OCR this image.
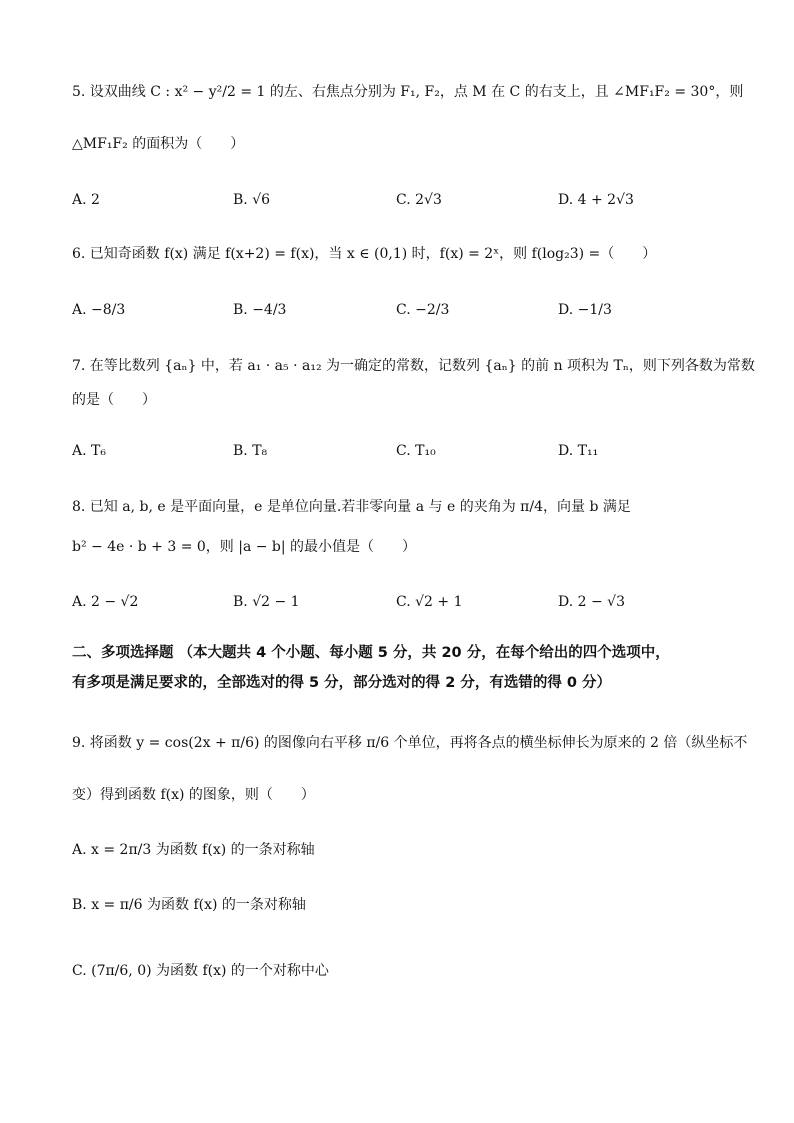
5. 设双曲线 C : x² − y²/2 = 1 的左、右焦点分别为 F₁, F₂，点 M 在 C 的右支上，且 ∠MF₁F₂ = 30°，则
△MF₁F₂ 的面积为（　　）
A. 2	B. √6	C. 2√3	D. 4 + 2√3
6. 已知奇函数 f(x) 满足 f(x+2) = f(x)，当 x ∈ (0,1) 时，f(x) = 2ˣ，则 f(log₂3) =（　　）
A. −8/3	B. −4/3	C. −2/3	D. −1/3
7. 在等比数列 {aₙ} 中，若 a₁ · a₅ · a₁₂ 为一确定的常数，记数列 {aₙ} 的前 n 项积为 Tₙ，则下列各数为常数
的是（　　）
A. T₆	B. T₈	C. T₁₀	D. T₁₁
8. 已知 a, b, e 是平面向量，e 是单位向量.若非零向量 a 与 e 的夹角为 π/4，向量 b 满足
b² − 4e · b + 3 = 0，则 |a − b| 的最小值是（　　）
A. 2 − √2	B. √2 − 1	C. √2 + 1	D. 2 − √3
二、多项选择题 （本大题共 4 个小题、每小题 5 分，共 20 分，在每个给出的四个选项中，
有多项是满足要求的，全部选对的得 5 分，部分选对的得 2 分，有选错的得 0 分）
9. 将函数 y = cos(2x + π/6) 的图像向右平移 π/6 个单位，再将各点的横坐标伸长为原来的 2 倍（纵坐标不
变）得到函数 f(x) 的图象，则（　　）
A. x = 2π/3 为函数 f(x) 的一条对称轴
B. x = π/6 为函数 f(x) 的一条对称轴
C. (7π/6, 0) 为函数 f(x) 的一个对称中心
